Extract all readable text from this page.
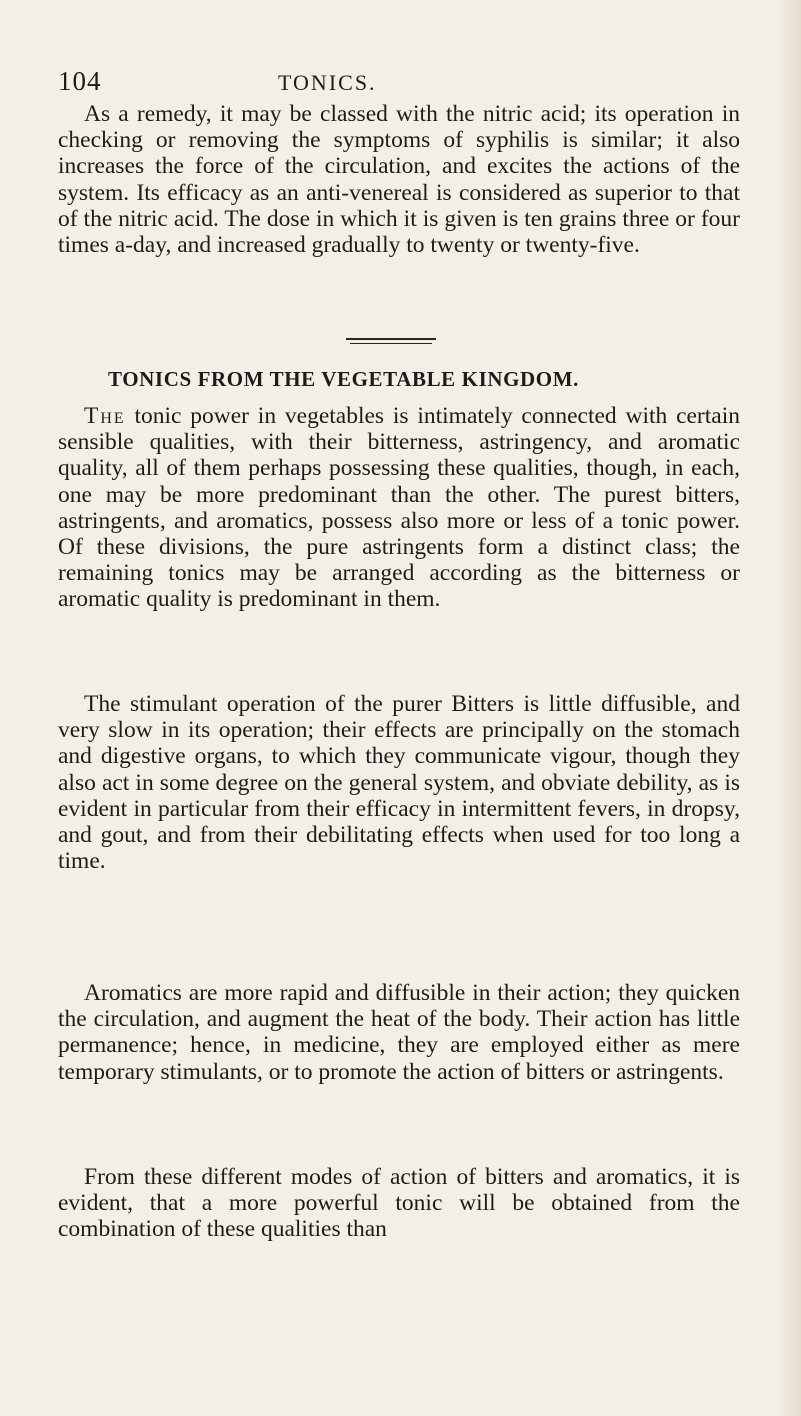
104	TONICS.

As a remedy, it may be classed with the nitric acid; its operation in checking or removing the symptoms of syphilis is similar; it also increases the force of the circulation, and excites the actions of the system. Its efficacy as an anti-venereal is considered as superior to that of the nitric acid. The dose in which it is given is ten grains three or four times a-day, and increased gradually to twenty or twenty-five.

TONICS FROM THE VEGETABLE KINGDOM.

The tonic power in vegetables is intimately connected with certain sensible qualities, with their bitterness, astringency, and aromatic quality, all of them perhaps possessing these qualities, though, in each, one may be more predominant than the other. The purest bitters, astringents, and aromatics, possess also more or less of a tonic power. Of these divisions, the pure astringents form a distinct class; the remaining tonics may be arranged according as the bitterness or aromatic quality is predominant in them.

The stimulant operation of the purer Bitters is little diffusible, and very slow in its operation; their effects are principally on the stomach and digestive organs, to which they communicate vigour, though they also act in some degree on the general system, and obviate debility, as is evident in particular from their efficacy in intermittent fevers, in dropsy, and gout, and from their debilitating effects when used for too long a time.

Aromatics are more rapid and diffusible in their action; they quicken the circulation, and augment the heat of the body. Their action has little permanence; hence, in medicine, they are employed either as mere temporary stimulants, or to promote the action of bitters or astringents.

From these different modes of action of bitters and aromatics, it is evident, that a more powerful tonic will be obtained from the combination of these qualities than
